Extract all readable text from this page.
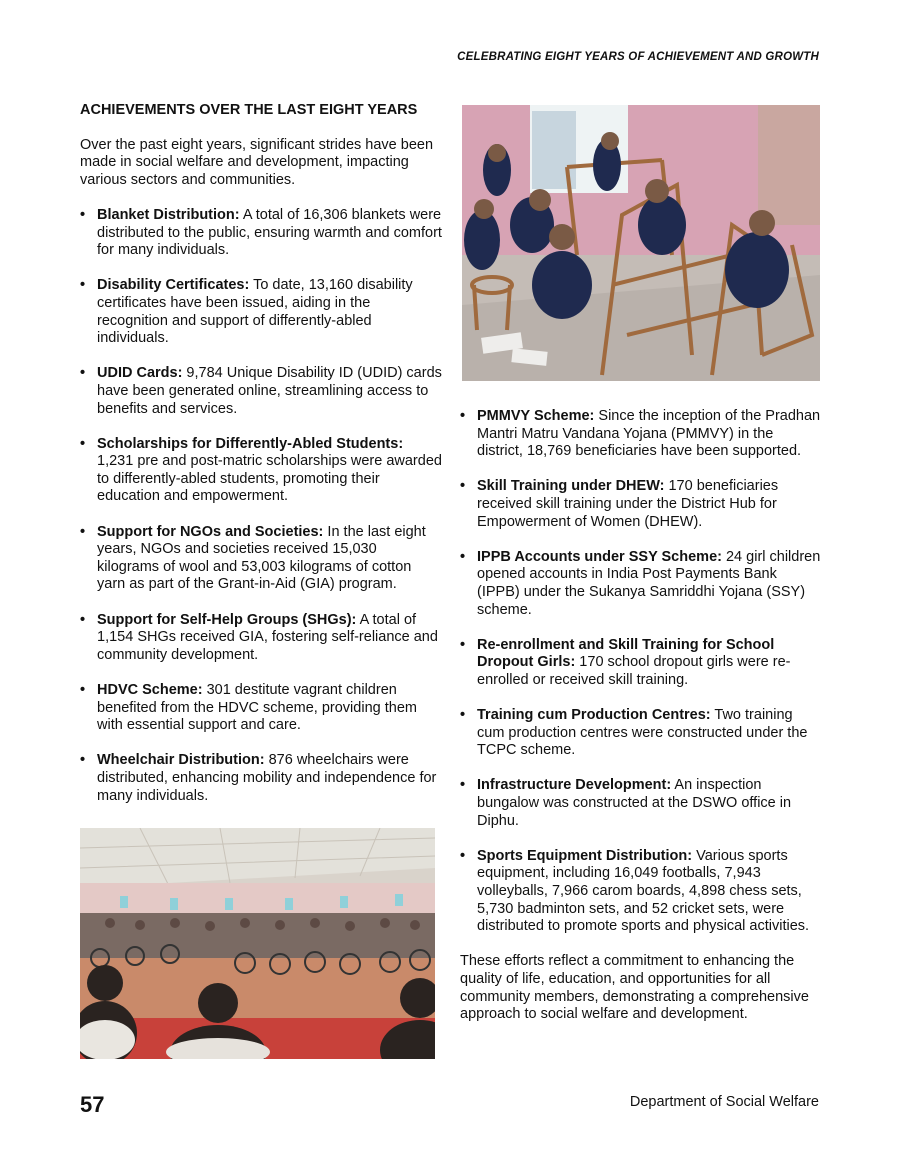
CELEBRATING EIGHT YEARS OF ACHIEVEMENT AND GROWTH
ACHIEVEMENTS OVER THE LAST EIGHT YEARS

Over the past eight years, significant strides have been made in social welfare and development, impacting various sectors and communities.

• Blanket Distribution: A total of 16,306 blankets were distributed to the public, ensuring warmth and comfort for many individuals.
• Disability Certificates: To date, 13,160 disability certificates have been issued, aiding in the recognition and support of differently-abled individuals.
• UDID Cards: 9,784 Unique Disability ID (UDID) cards have been generated online, streamlining access to benefits and services.
• Scholarships for Differently-Abled Students: 1,231 pre and post-matric scholarships were awarded to differently-abled students, promoting their education and empowerment.
• Support for NGOs and Societies: In the last eight years, NGOs and societies received 15,030 kilograms of wool and 53,003 kilograms of cotton yarn as part of the Grant-in-Aid (GIA) program.
• Support for Self-Help Groups (SHGs): A total of 1,154 SHGs received GIA, fostering self-reliance and community development.
• HDVC Scheme: 301 destitute vagrant children benefited from the HDVC scheme, providing them with essential support and care.
• Wheelchair Distribution: 876 wheelchairs were distributed, enhancing mobility and independence for many individuals.
• PMMVY Scheme: Since the inception of the Pradhan Mantri Matru Vandana Yojana (PMMVY) in the district, 18,769 beneficiaries have been supported.
• Skill Training under DHEW: 170 beneficiaries received skill training under the District Hub for Empowerment of Women (DHEW).
• IPPB Accounts under SSY Scheme: 24 girl children opened accounts in India Post Payments Bank (IPPB) under the Sukanya Samriddhi Yojana (SSY) scheme.
• Re-enrollment and Skill Training for School Dropout Girls: 170 school dropout girls were re-enrolled or received skill training.
• Training cum Production Centres: Two training cum production centres were constructed under the TCPC scheme.
• Infrastructure Development: An inspection bungalow was constructed at the DSWO office in Diphu.
• Sports Equipment Distribution: Various sports equipment, including 16,049 footballs, 7,943 volleyballs, 7,966 carom boards, 4,898 chess sets, 5,730 badminton sets, and 52 cricket sets, were distributed to promote sports and physical activities.

These efforts reflect a commitment to enhancing the quality of life, education, and opportunities for all community members, demonstrating a comprehensive approach to social welfare and development.

57	Department of Social Welfare
